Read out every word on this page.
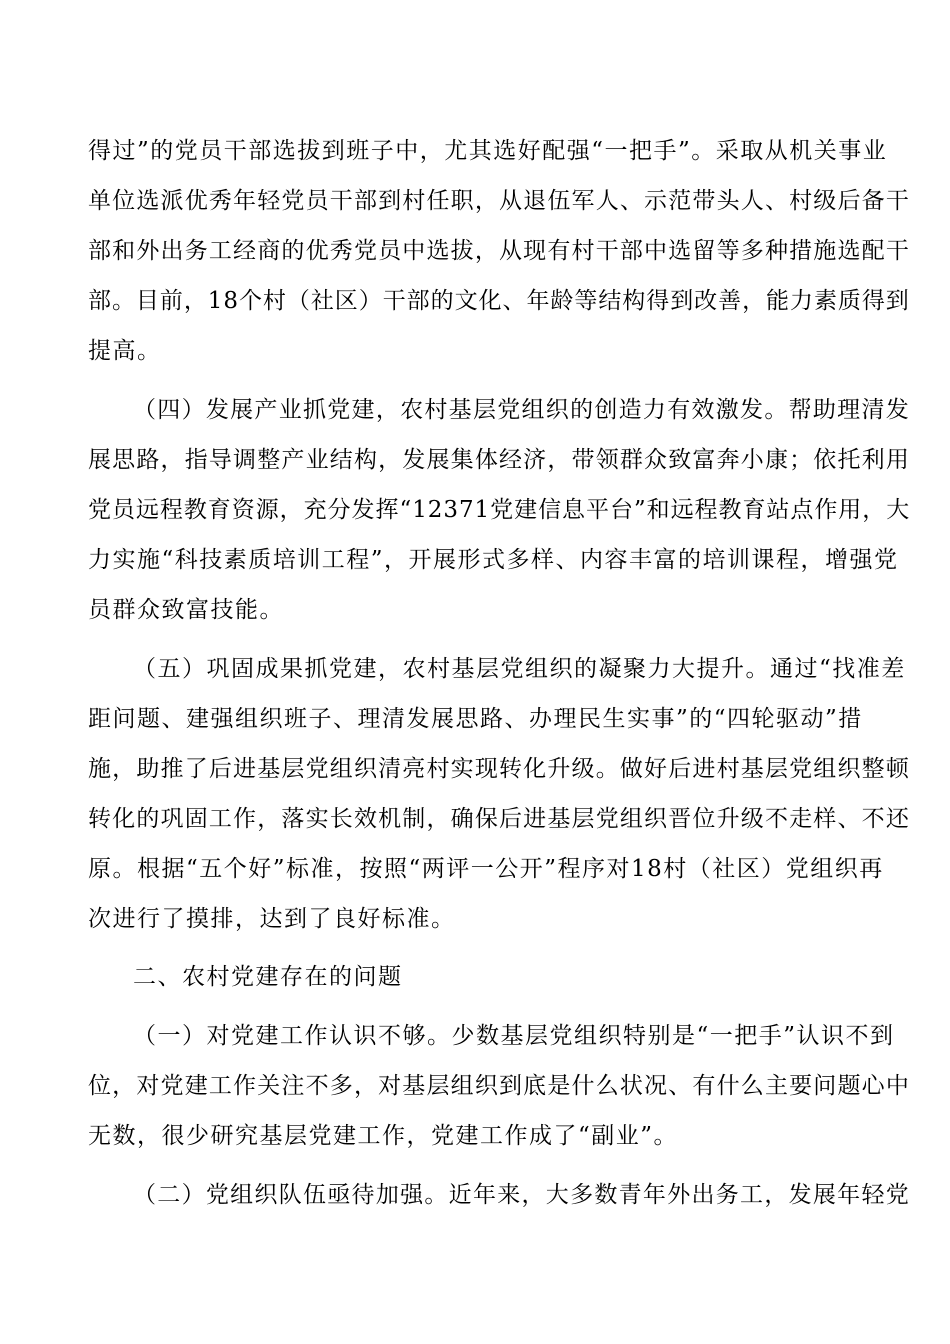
得过”的党员干部选拔到班子中，尤其选好配强“一把手”。采取从机关事业
单位选派优秀年轻党员干部到村任职，从退伍军人、示范带头人、村级后备干
部和外出务工经商的优秀党员中选拔，从现有村干部中选留等多种措施选配干
部。目前，18个村（社区）干部的文化、年龄等结构得到改善，能力素质得到
提高。
（四）发展产业抓党建，农村基层党组织的创造力有效激发。帮助理清发
展思路，指导调整产业结构，发展集体经济，带领群众致富奔小康；依托利用
党员远程教育资源，充分发挥“12371党建信息平台”和远程教育站点作用，大
力实施“科技素质培训工程”，开展形式多样、内容丰富的培训课程，增强党
员群众致富技能。
（五）巩固成果抓党建，农村基层党组织的凝聚力大提升。通过“找准差
距问题、建强组织班子、理清发展思路、办理民生实事”的“四轮驱动”措
施，助推了后进基层党组织清亮村实现转化升级。做好后进村基层党组织整顿
转化的巩固工作，落实长效机制，确保后进基层党组织晋位升级不走样、不还
原。根据“五个好”标准，按照“两评一公开”程序对18村（社区）党组织再
次进行了摸排，达到了良好标准。
二、农村党建存在的问题
（一）对党建工作认识不够。少数基层党组织特别是“一把手”认识不到
位，对党建工作关注不多，对基层组织到底是什么状况、有什么主要问题心中
无数，很少研究基层党建工作，党建工作成了“副业”。
（二）党组织队伍亟待加强。近年来，大多数青年外出务工，发展年轻党
